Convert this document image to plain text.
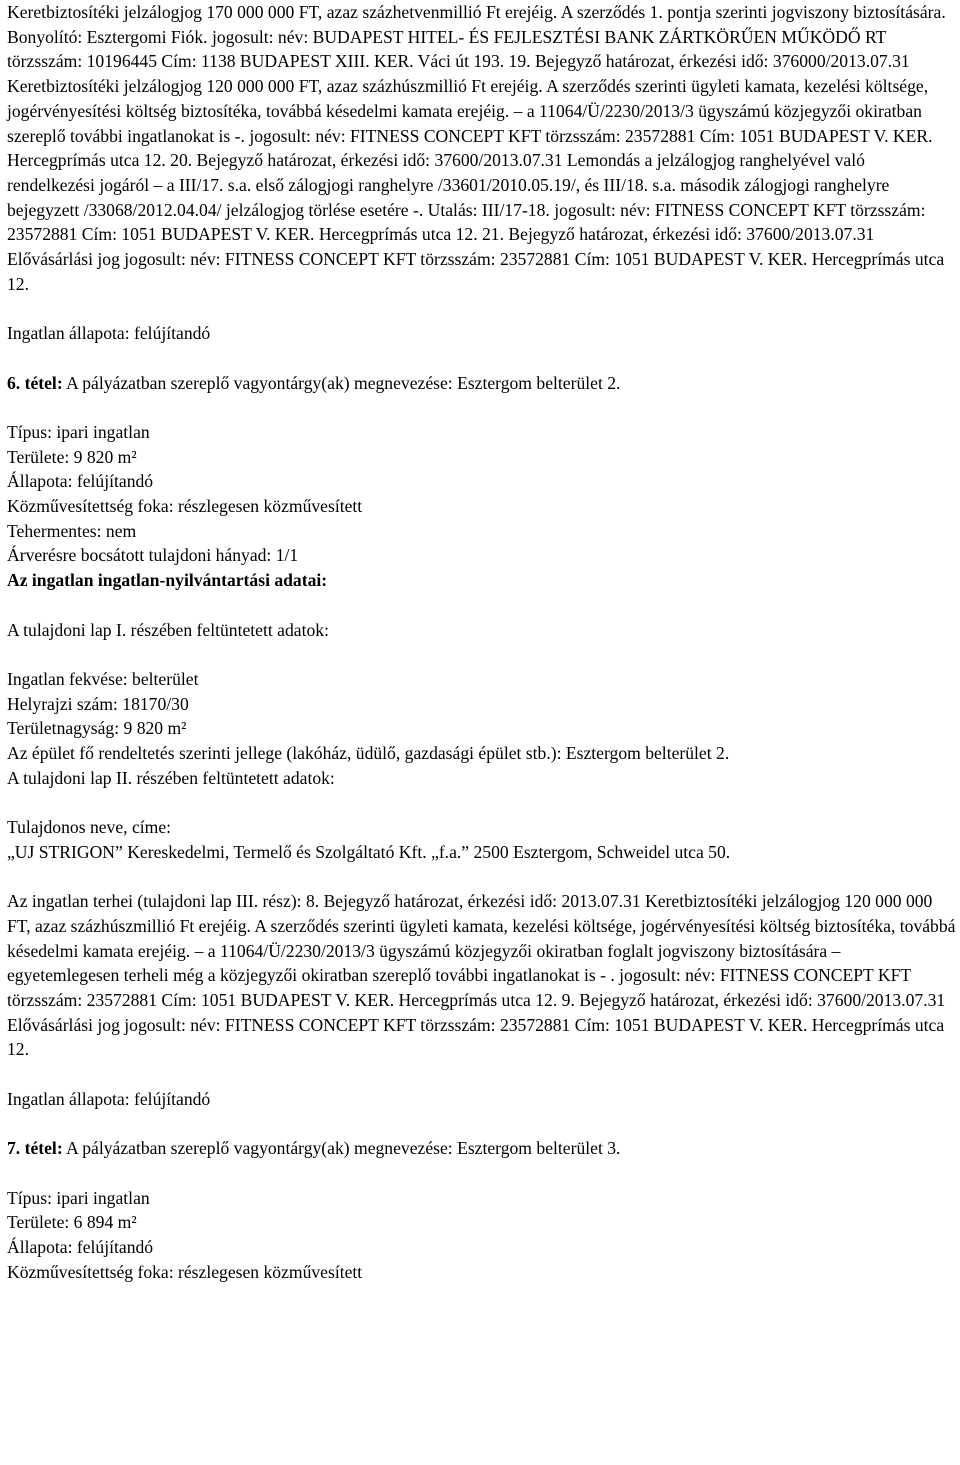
Keretbiztosítéki jelzálogjog 170 000 000 FT, azaz százhetvenmillió Ft erejéig. A szerződés 1. pontja szerinti jogviszony biztosítására. Bonyolító: Esztergomi Fiók. jogosult: név: BUDAPEST HITEL- ÉS FEJLESZTÉSI BANK ZÁRTKÖRŰEN MŰKÖDŐ RT törzsszám: 10196445 Cím: 1138 BUDAPEST XIII. KER. Váci út 193. 19. Bejegyző határozat, érkezési idő: 376000/2013.07.31 Keretbiztosítéki jelzálogjog 120 000 000 FT, azaz százhúszmillió Ft erejéig. A szerződés szerinti ügyleti kamata, kezelési költsége, jogérvényesítési költség biztosítéka, továbbá késedelmi kamata erejéig. – a 11064/Ü/2230/2013/3 ügyszámú közjegyzői okiratban szereplő további ingatlanokat is -. jogosult: név: FITNESS CONCEPT KFT törzsszám: 23572881 Cím: 1051 BUDAPEST V. KER. Hercegprímás utca 12. 20. Bejegyző határozat, érkezési idő: 37600/2013.07.31 Lemondás a jelzálogjog ranghelyével való rendelkezési jogáról – a III/17. s.a. első zálogjogi ranghelyre /33601/2010.05.19/, és III/18. s.a. második zálogjogi ranghelyre bejegyzett /33068/2012.04.04/ jelzálogjog törlése esetére -. Utalás: III/17-18. jogosult: név: FITNESS CONCEPT KFT törzsszám: 23572881 Cím: 1051 BUDAPEST V. KER. Hercegprímás utca 12. 21. Bejegyző határozat, érkezési idő: 37600/2013.07.31 Elővásárlási jog jogosult: név: FITNESS CONCEPT KFT törzsszám: 23572881 Cím: 1051 BUDAPEST V. KER. Hercegprímás utca 12.

Ingatlan állapota: felújítandó

6. tétel: A pályázatban szereplő vagyontárgy(ak) megnevezése: Esztergom belterület 2.

Típus: ipari ingatlan

Területe: 9 820 m²

Állapota: felújítandó

Közművesítettség foka: részlegesen közművesített

Tehermentes: nem

Árverésre bocsátott tulajdoni hányad: 1/1

Az ingatlan ingatlan-nyilvántartási adatai:

A tulajdoni lap I. részében feltüntetett adatok:

Ingatlan fekvése: belterület

Helyrajzi szám: 18170/30

Területnagyság: 9 820 m²

Az épület fő rendeltetés szerinti jellege (lakóház, üdülő, gazdasági épület stb.): Esztergom belterület 2.

A tulajdoni lap II. részében feltüntetett adatok:

Tulajdonos neve, címe:

„UJ STRIGON” Kereskedelmi, Termelő és Szolgáltató Kft. „f.a.” 2500 Esztergom, Schweidel utca 50.

Az ingatlan terhei (tulajdoni lap III. rész): 8. Bejegyző határozat, érkezési idő: 2013.07.31 Keretbiztosítéki jelzálogjog 120 000 000 FT, azaz százhúszmillió Ft erejéig. A szerződés szerinti ügyleti kamata, kezelési költsége, jogérvényesítési költség biztosítéka, továbbá késedelmi kamata erejéig. – a 11064/Ü/2230/2013/3 ügyszámú közjegyzői okiratban foglalt jogviszony biztosítására – egyetemlegesen terheli még a közjegyzői okiratban szereplő további ingatlanokat is - . jogosult: név: FITNESS CONCEPT KFT törzsszám: 23572881 Cím: 1051 BUDAPEST V. KER. Hercegprímás utca 12. 9. Bejegyző határozat, érkezési idő: 37600/2013.07.31 Elővásárlási jog jogosult: név: FITNESS CONCEPT KFT törzsszám: 23572881 Cím: 1051 BUDAPEST V. KER. Hercegprímás utca 12.

Ingatlan állapota: felújítandó

7. tétel: A pályázatban szereplő vagyontárgy(ak) megnevezése: Esztergom belterület 3.

Típus: ipari ingatlan

Területe: 6 894 m²

Állapota: felújítandó

Közművesítettség foka: részlegesen közművesített
